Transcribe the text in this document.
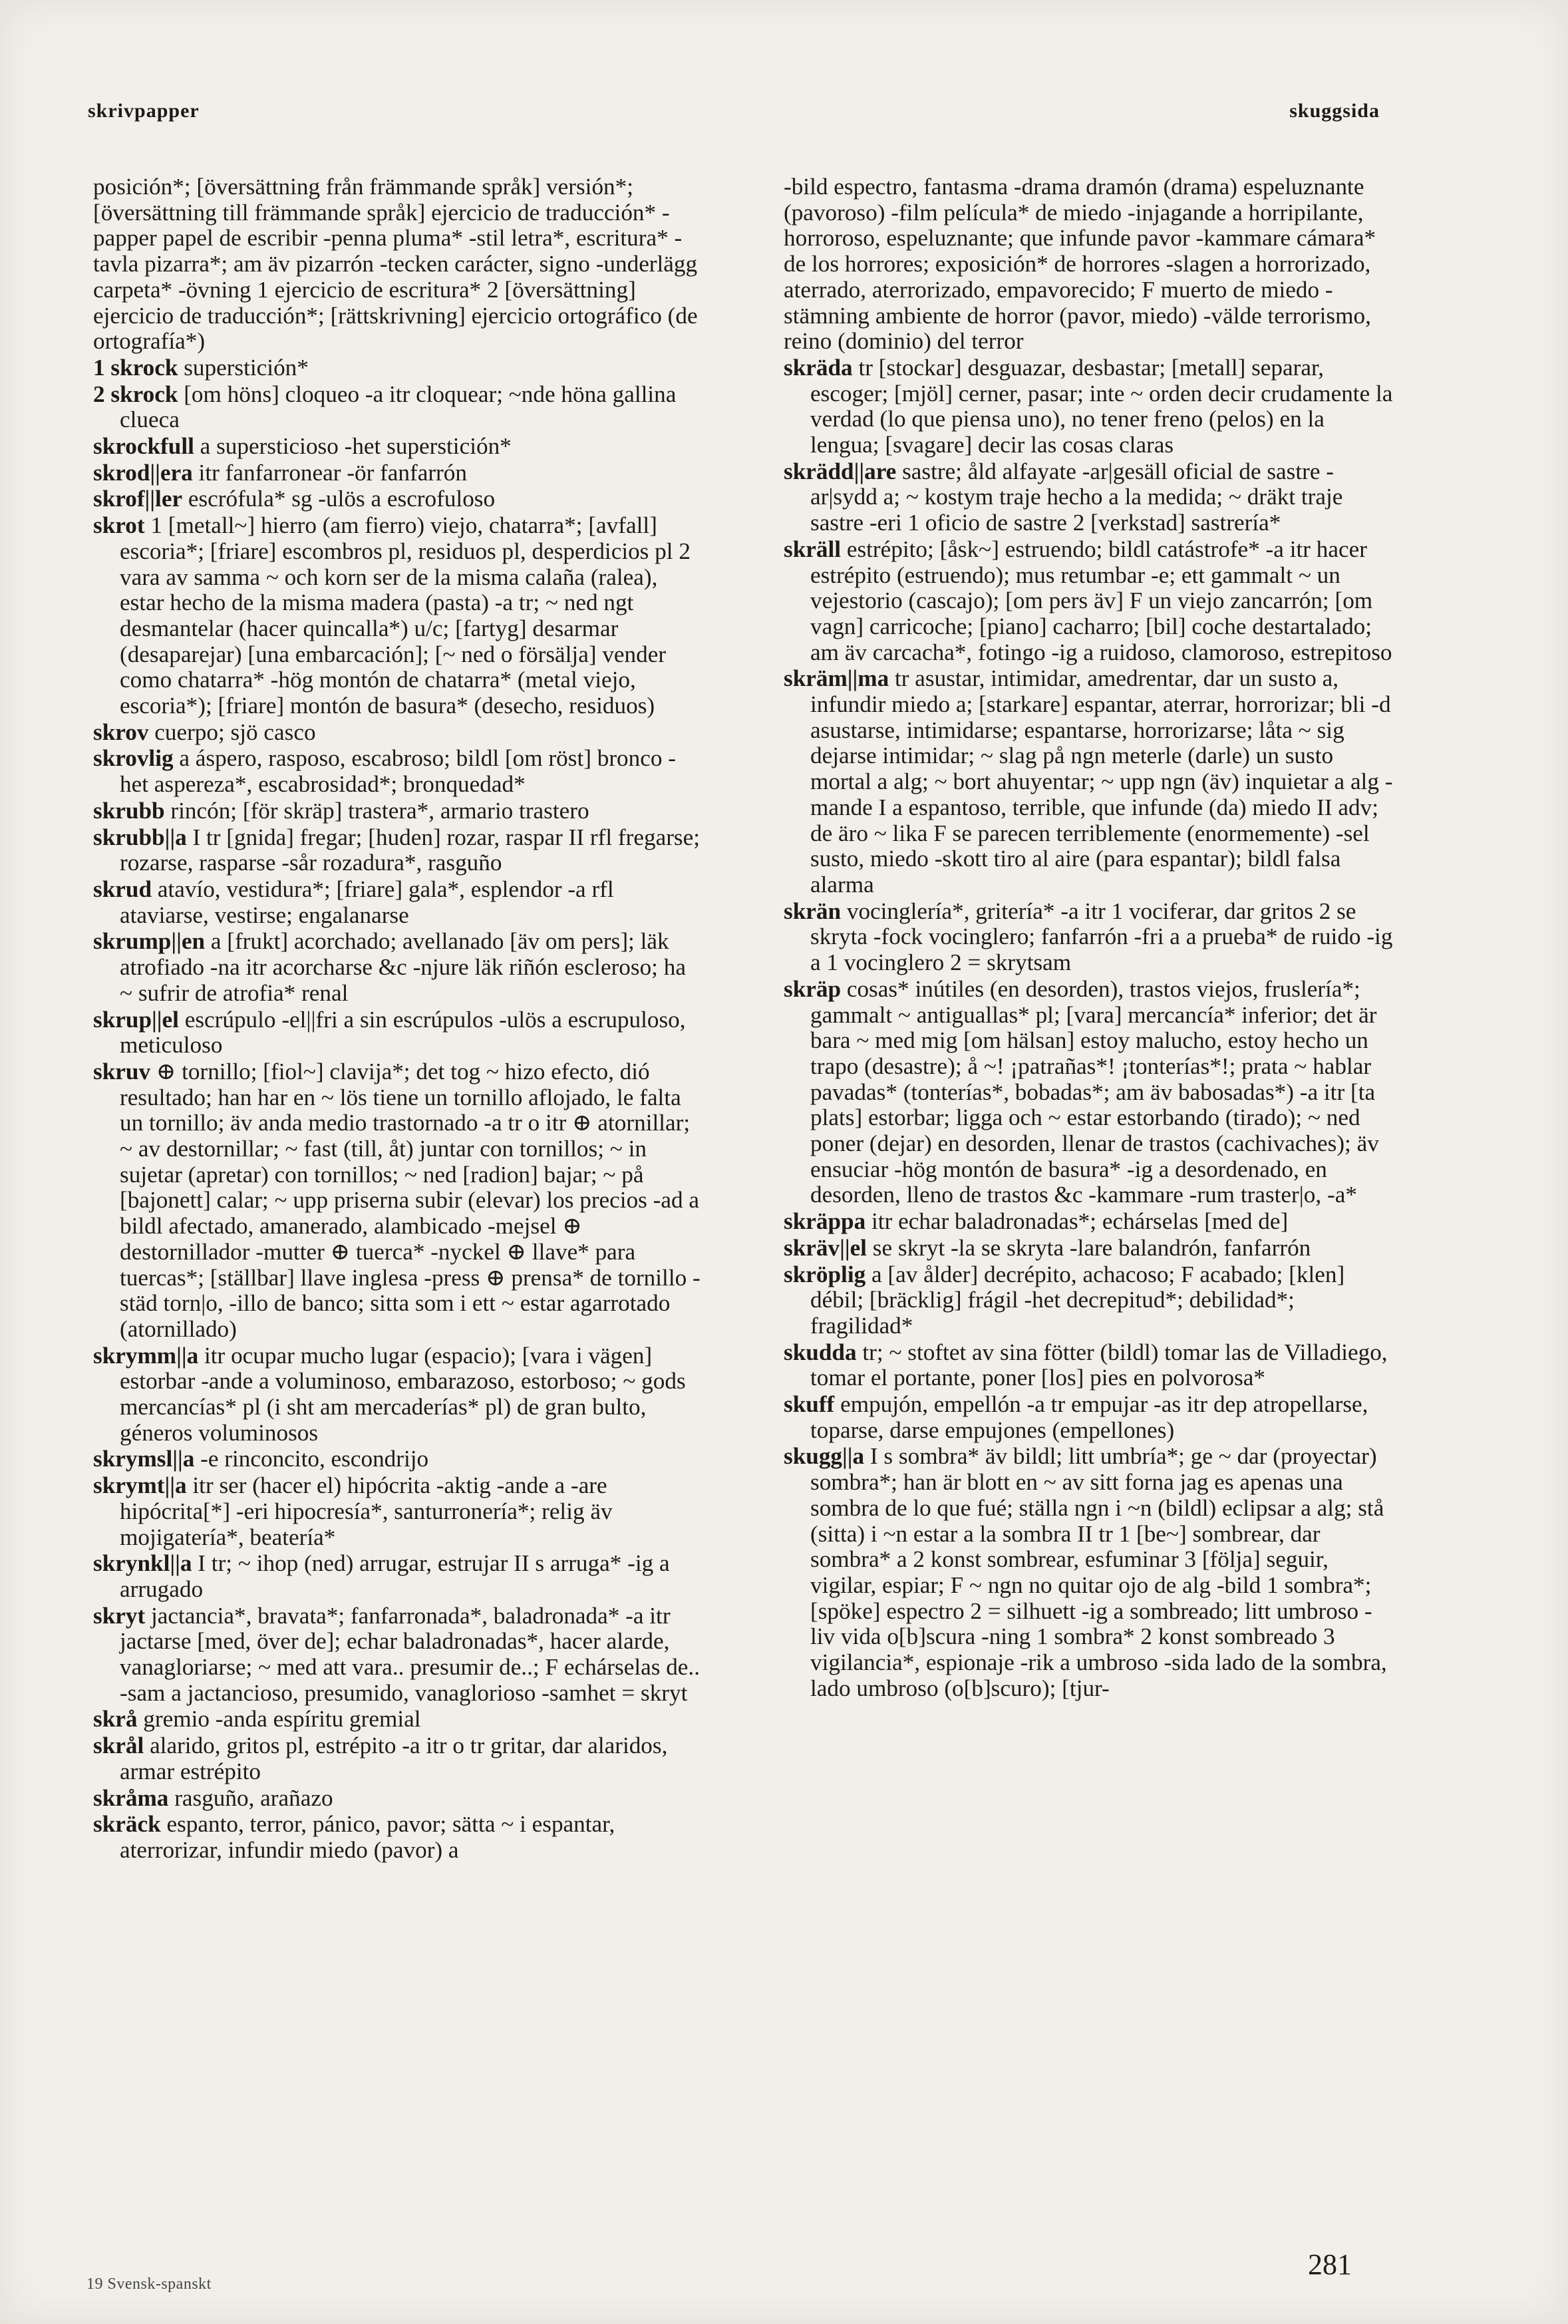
skrivpapper	skuggsida

posición*; [översättning från främmande språk] versión*; [översättning till främmande språk] ejercicio de traducción* -papper papel de escribir -penna pluma* -stil letra*, escritura* -tavla pizarra*; am äv pizarrón -tecken carácter, signo -underlägg carpeta* -övning 1 ejercicio de escritura* 2 [översättning] ejercicio de traducción*; [rättskrivning] ejercicio ortográfico (de ortografía*)

1 skrock superstición*

2 skrock [om höns] cloqueo -a itr cloquear; ~nde höna gallina clueca

skrockfull a supersticioso -het superstición*

skrod||era itr fanfarronear -ör fanfarrón

skrof||ler escrófula* sg -ulös a escrofuloso

skrot 1 [metall~] hierro (am fierro) viejo, chatarra*; [avfall] escoria*; [friare] escombros pl, residuos pl, desperdicios pl 2 vara av samma ~ och korn ser de la misma calaña (ralea), estar hecho de la misma madera (pasta) -a tr; ~ ned ngt desmantelar (hacer quincalla*) u/c; [fartyg] desarmar (desaparejar) [una embarcación]; [~ ned o försälja] vender como chatarra* -hög montón de chatarra* (metal viejo, escoria*); [friare] montón de basura* (desecho, residuos)

skrov cuerpo; sjö casco

skrovlig a áspero, rasposo, escabroso; bildl [om röst] bronco -het aspereza*, escabrosidad*; bronquedad*

skrubb rincón; [för skräp] trastera*, armario trastero

skrubb||a I tr [gnida] fregar; [huden] rozar, raspar II rfl fregarse; rozarse, rasparse -sår rozadura*, rasguño

skrud atavío, vestidura*; [friare] gala*, esplendor -a rfl ataviarse, vestirse; engalanarse

skrump||en a [frukt] acorchado; avellanado [äv om pers]; läk atrofiado -na itr acorcharse &c -njure läk riñón escleroso; ha ~ sufrir de atrofia* renal

skrup||el escrúpulo -el||fri a sin escrúpulos -ulös a escrupuloso, meticuloso

skruv ⊕ tornillo; [fiol~] clavija*; det tog ~ hizo efecto, dió resultado; han har en ~ lös tiene un tornillo aflojado, le falta un tornillo; äv anda medio trastornado -a tr o itr ⊕ atornillar; ~ av destornillar; ~ fast (till, åt) juntar con tornillos; ~ in sujetar (apretar) con tornillos; ~ ned [radion] bajar; ~ på [bajonett] calar; ~ upp priserna subir (elevar) los precios -ad a bildl afectado, amanerado, alambicado -mejsel ⊕ destornillador -mutter ⊕ tuerca* -nyckel ⊕ llave* para tuercas*; [ställbar] llave inglesa -press ⊕ prensa* de tornillo -städ torn|o, -illo de banco; sitta som i ett ~ estar agarrotado (atornillado)

skrymm||a itr ocupar mucho lugar (espacio); [vara i vägen] estorbar -ande a voluminoso, embarazoso, estorboso; ~ gods mercancías* pl (i sht am mercaderías* pl) de gran bulto, géneros voluminosos

skrymsl||a -e rinconcito, escondrijo

skrymt||a itr ser (hacer el) hipócrita -aktig -ande a -are hipócrita[*] -eri hipocresía*, santurronería*; relig äv mojigatería*, beatería*

skrynkl||a I tr; ~ ihop (ned) arrugar, estrujar II s arruga* -ig a arrugado

skryt jactancia*, bravata*; fanfarronada*, baladronada* -a itr jactarse [med, över de]; echar baladronadas*, hacer alarde, vanagloriarse; ~ med att vara.. presumir de..; F echárselas de.. -sam a jactancioso, presumido, vanaglorioso -samhet = skryt

skrå gremio -anda espíritu gremial

skrål alarido, gritos pl, estrépito -a itr o tr gritar, dar alaridos, armar estrépito

skråma rasguño, arañazo

skräck espanto, terror, pánico, pavor; sätta ~ i espantar, aterrorizar, infundir miedo (pavor) a

-bild espectro, fantasma -drama dramón (drama) espeluznante (pavoroso) -film película* de miedo -injagande a horripilante, horroroso, espeluznante; que infunde pavor -kammare cámara* de los horrores; exposición* de horrores -slagen a horrorizado, aterrado, aterrorizado, empavorecido; F muerto de miedo -stämning ambiente de horror (pavor, miedo) -välde terrorismo, reino (dominio) del terror

skräda tr [stockar] desguazar, desbastar; [metall] separar, escoger; [mjöl] cerner, pasar; inte ~ orden decir crudamente la verdad (lo que piensa uno), no tener freno (pelos) en la lengua; [svagare] decir las cosas claras

skrädd||are sastre; åld alfayate -ar|gesäll oficial de sastre -ar|sydd a; ~ kostym traje hecho a la medida; ~ dräkt traje sastre -eri 1 oficio de sastre 2 [verkstad] sastrería*

skräll estrépito; [åsk~] estruendo; bildl catástrofe* -a itr hacer estrépito (estruendo); mus retumbar -e; ett gammalt ~ un vejestorio (cascajo); [om pers äv] F un viejo zancarrón; [om vagn] carricoche; [piano] cacharro; [bil] coche destartalado; am äv carcacha*, fotingo -ig a ruidoso, clamoroso, estrepitoso

skräm||ma tr asustar, intimidar, amedrentar, dar un susto a, infundir miedo a; [starkare] espantar, aterrar, horrorizar; bli -d asustarse, intimidarse; espantarse, horrorizarse; låta ~ sig dejarse intimidar; ~ slag på ngn meterle (darle) un susto mortal a alg; ~ bort ahuyentar; ~ upp ngn (äv) inquietar a alg -mande I a espantoso, terrible, que infunde (da) miedo II adv; de äro ~ lika F se parecen terriblemente (enormemente) -sel susto, miedo -skott tiro al aire (para espantar); bildl falsa alarma

skrän vocinglería*, gritería* -a itr 1 vociferar, dar gritos 2 se skryta -fock vocinglero; fanfarrón -fri a a prueba* de ruido -ig a 1 vocinglero 2 = skrytsam

skräp cosas* inútiles (en desorden), trastos viejos, fruslería*; gammalt ~ antiguallas* pl; [vara] mercancía* inferior; det är bara ~ med mig [om hälsan] estoy malucho, estoy hecho un trapo (desastre); å ~! ¡patrañas*! ¡tonterías*!; prata ~ hablar pavadas* (tonterías*, bobadas*; am äv babosadas*) -a itr [ta plats] estorbar; ligga och ~ estar estorbando (tirado); ~ ned poner (dejar) en desorden, llenar de trastos (cachivaches); äv ensuciar -hög montón de basura* -ig a desordenado, en desorden, lleno de trastos &c -kammare -rum traster|o, -a*

skräppa itr echar baladronadas*; echárselas [med de]

skräv||el se skryt -la se skryta -lare balandrón, fanfarrón

skröplig a [av ålder] decrépito, achacoso; F acabado; [klen] débil; [bräcklig] frágil -het decrepitud*; debilidad*; fragilidad*

skudda tr; ~ stoftet av sina fötter (bildl) tomar las de Villadiego, tomar el portante, poner [los] pies en polvorosa*

skuff empujón, empellón -a tr empujar -as itr dep atropellarse, toparse, darse empujones (empellones)

skugg||a I s sombra* äv bildl; litt umbría*; ge ~ dar (proyectar) sombra*; han är blott en ~ av sitt forna jag es apenas una sombra de lo que fué; ställa ngn i ~n (bildl) eclipsar a alg; stå (sitta) i ~n estar a la sombra II tr 1 [be~] sombrear, dar sombra* a 2 konst sombrear, esfuminar 3 [följa] seguir, vigilar, espiar; F ~ ngn no quitar ojo de alg -bild 1 sombra*; [spöke] espectro 2 = silhuett -ig a sombreado; litt umbroso -liv vida o[b]scura -ning 1 sombra* 2 konst sombreado 3 vigilancia*, espionaje -rik a umbroso -sida lado de la sombra, lado umbroso (o[b]scuro); [tjur-

19 Svensk-spanskt
281
